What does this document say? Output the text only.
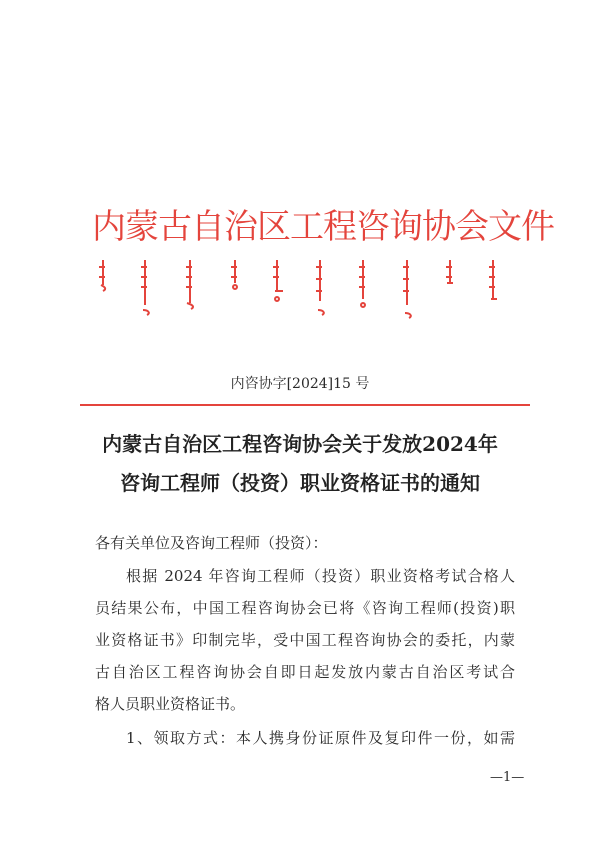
内蒙古自治区工程咨询协会文件
内咨协字[2024]15 号
内蒙古自治区工程咨询协会关于发放2024年
咨询工程师（投资）职业资格证书的通知
各有关单位及咨询工程师（投资）：
根据 2024 年咨询工程师（投资）职业资格考试合格人
员结果公布，中国工程咨询协会已将《咨询工程师(投资)职
业资格证书》印制完毕，受中国工程咨询协会的委托，内蒙
古自治区工程咨询协会自即日起发放内蒙古自治区考试合
格人员职业资格证书。
1、领取方式：本人携身份证原件及复印件一份，如需
—1—
